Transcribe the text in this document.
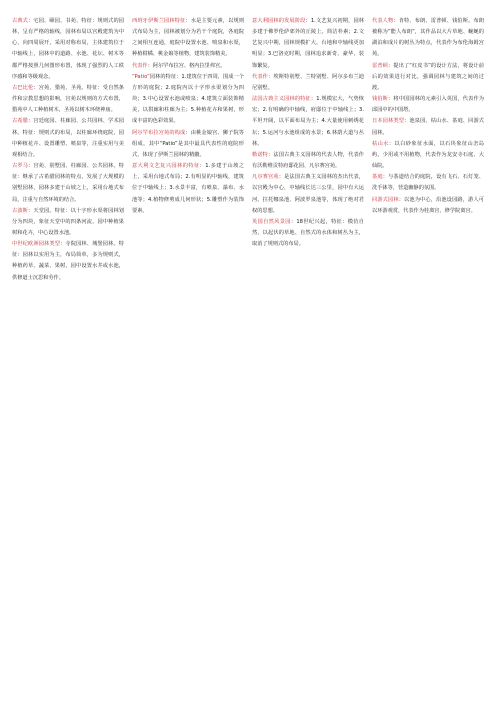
古典式：宅园、颐园、书苑、特征：规则式的园林，呈有严格的轴线，园林布局以宫殿建筑为中心，向四周展开，采用对称布局，主体建筑位于中轴线上，园林中的道路、水池、花坛、树木等都严格按照几何图形布置，体现了强烈的人工秩序感和等级观念。

古巴比伦：宫苑、猎苑、圣苑。特征：受自然条件和宗教思想的影响，宫苑以规则的方式布置，猎苑中人工种植树木，圣苑以树木环绕神庙。

古希腊：宫廷庭园、柱廊园、公共园林、学术园林。特征：规则式的布局，以柱廊环绕庭院，园中种植花卉、设置雕塑、喷泉等，注重实用与美观相结合。

古罗马：宫苑、别墅园、柱廊园、公共园林。特征：继承了古希腊园林的特点，发展了大规模的别墅园林，园林多建于山坡之上，采用台地式布局，注重与自然环境的结合。

古波斯：天堂园。特征：以十字形水渠将园林划分为四块，象征天堂中的四条河流，园中种植果树和花卉，中心设置水池。

中世纪欧洲园林类型：寺院园林、城堡园林。特征：园林以实用为主，布局简单，多为规则式，种植药草、蔬菜、果树，园中设置水井或水池，供修道士沉思和劳作。

西班牙伊斯兰园林特征：水是主要元素，以规则式布局为主，园林被划分为若干个庭院，各庭院之间相互连通，庭院中设置水池、喷泉和水渠，种植柑橘、桃金娘等植物，建筑装饰精美。

代表作：阿尔罕布拉宫、格内拉里弗宫。

“Patio”园林的特征：1.建筑位于四周，围成一个方形的庭院；2.庭院内以十字形水渠划分为四块；3.中心设置水池或喷泉；4.建筑立面装饰精美，以拱廊和柱廊为主；5.种植花卉和果树，形成丰富的色彩效果。

阿尔罕布拉宫苑的构成：由桃金娘宫、狮子院等组成，其中“Patio”是其中最具代表性的庭院形式，体现了伊斯兰园林的精髓。

意大利文艺复兴园林的特征：1.多建于山坡之上，采用台地式布局；2.有明显的中轴线，建筑位于中轴线上；3.水景丰富，有喷泉、瀑布、水池等；4.植物修剪成几何形状；5.雕塑作为装饰要素。

意大利园林的发展阶段：1.文艺复兴初期，园林多建于佛罗伦萨郊外的丘陵上，简洁朴素；2.文艺复兴中期，园林规模扩大，台地和中轴线更加明显；3.巴洛克时期，园林追求新奇、豪华，装饰繁复。

代表作：埃斯特别墅、兰特别墅、阿尔多布兰迪尼别墅。

法国古典主义园林的特征：1.规模宏大，气势恢宏；2.有明确的中轴线，府邸位于中轴线上；3.平坦开阔，以平面布局为主；4.大量使用刺绣花坛；5.运河与水池组成的水景；6.林荫大道与丛林。

勒诺特：法国古典主义园林的代表人物，代表作有沃勒维贡特府邸花园、凡尔赛宫苑。

凡尔赛宫苑：是法国古典主义园林的杰出代表，以宫殿为中心，中轴线长达三公里，园中有大运河、拉托娜泉池、阿波罗泉池等，体现了绝对君权的思想。

英国自然风景园：18世纪兴起，特征：模仿自然，以起伏的草地、自然式的水体和树丛为主，取消了规则式的布局。

代表人物：肯特、布朗、雷普顿、钱伯斯。布朗被称为“能人布朗”，其作品以大片草地、蜿蜒的湖泊和成片的树丛为特点，代表作为布伦海姆宫苑。

雷普顿：提出了“红皮书”的设计方法，将设计前后的效果进行对比，强调园林与建筑之间的过渡。

钱伯斯：将中国园林的元素引入英国，代表作为邱园中的中国塔。

日本园林类型：池泉园、枯山水、茶庭、回游式园林。

枯山水：以白砂象征水面，以石块象征山峦岛屿，少用或不用植物，代表作为龙安寺石庭、大仙院。

茶庭：与茶道结合的庭院，设有飞石、石灯笼、洗手钵等，营造幽静的氛围。

回游式园林：以池为中心，沿池设园路，游人可以环游观赏，代表作为桂离宫、修学院离宫。
